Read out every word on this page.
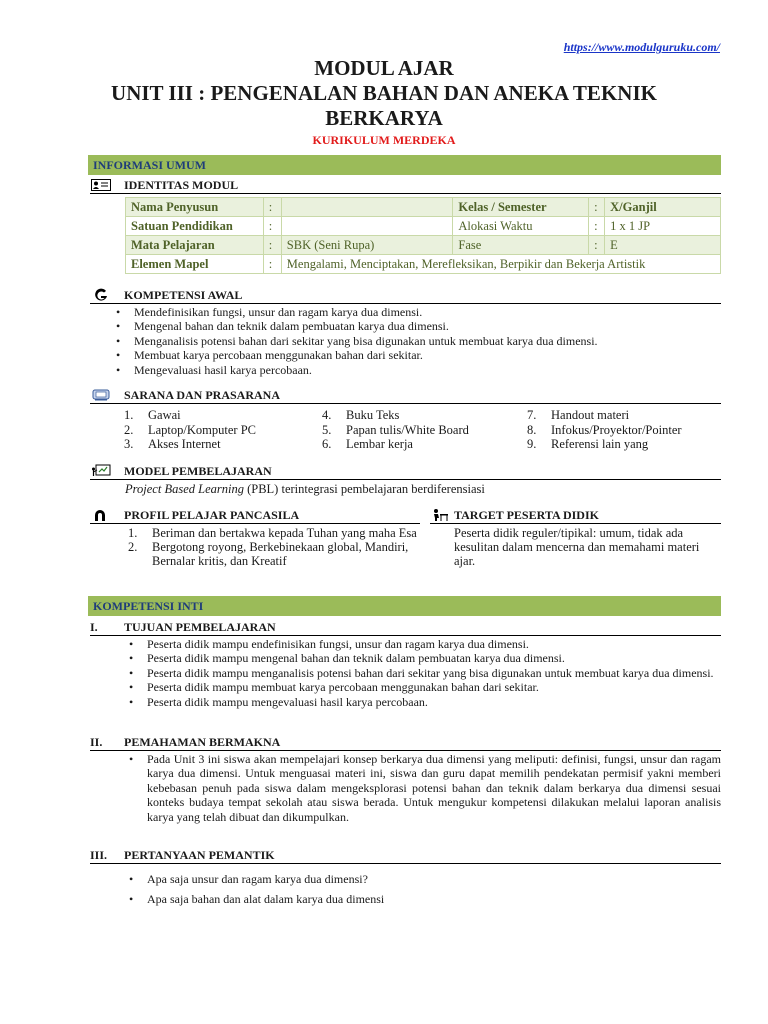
https://www.modulguruku.com/
MODUL AJAR
UNIT III : PENGENALAN BAHAN DAN ANEKA TEKNIK BERKARYA
KURIKULUM MERDEKA
INFORMASI UMUM
IDENTITAS MODUL
Nama Penyusun	:		Kelas / Semester	:	X/Ganjil
Satuan Pendidikan	:		Alokasi Waktu	:	1 x 1 JP
Mata Pelajaran	:	SBK (Seni Rupa)	Fase	:	E
Elemen Mapel	:	Mengalami, Menciptakan, Merefleksikan, Berpikir dan Bekerja Artistik			
KOMPETENSI AWAL
• Mendefinisikan fungsi, unsur dan ragam karya dua dimensi.
• Mengenal bahan dan teknik dalam pembuatan karya dua dimensi.
• Menganalisis potensi bahan dari sekitar yang bisa digunakan untuk membuat karya dua dimensi.
• Membuat karya percobaan menggunakan bahan dari sekitar.
• Mengevaluasi hasil karya percobaan.
SARANA DAN PRASARANA
1. Gawai
2. Laptop/Komputer PC
3. Akses Internet
4. Buku Teks
5. Papan tulis/White Board
6. Lembar kerja
7. Handout materi
8. Infokus/Proyektor/Pointer
9. Referensi lain yang
MODEL PEMBELAJARAN
Project Based Learning (PBL) terintegrasi pembelajaran berdiferensiasi
PROFIL PELAJAR PANCASILA
1. Beriman dan bertakwa kepada Tuhan yang maha Esa
2. Bergotong royong, Berkebinekaan global, Mandiri, Bernalar kritis, dan Kreatif
TARGET PESERTA DIDIK
Peserta didik reguler/tipikal: umum, tidak ada kesulitan dalam mencerna dan memahami materi ajar.
KOMPETENSI INTI
I. TUJUAN PEMBELAJARAN
• Peserta didik mampu endefinisikan fungsi, unsur dan ragam karya dua dimensi.
• Peserta didik mampu mengenal bahan dan teknik dalam pembuatan karya dua dimensi.
• Peserta didik mampu menganalisis potensi bahan dari sekitar yang bisa digunakan untuk membuat karya dua dimensi.
• Peserta didik mampu membuat karya percobaan menggunakan bahan dari sekitar.
• Peserta didik mampu mengevaluasi hasil karya percobaan.
II. PEMAHAMAN BERMAKNA
• Pada Unit 3 ini siswa akan mempelajari konsep berkarya dua dimensi yang meliputi: definisi, fungsi, unsur dan ragam karya dua dimensi. Untuk menguasai materi ini, siswa dan guru dapat memilih pendekatan permisif yakni memberi kebebasan penuh pada siswa dalam mengeksplorasi potensi bahan dan teknik dalam berkarya dua dimensi sesuai konteks budaya tempat sekolah atau siswa berada. Untuk mengukur kompetensi dilakukan melalui laporan analisis karya yang telah dibuat dan dikumpulkan.
III. PERTANYAAN PEMANTIK
• Apa saja unsur dan ragam karya dua dimensi?
• Apa saja bahan dan alat dalam karya dua dimensi
